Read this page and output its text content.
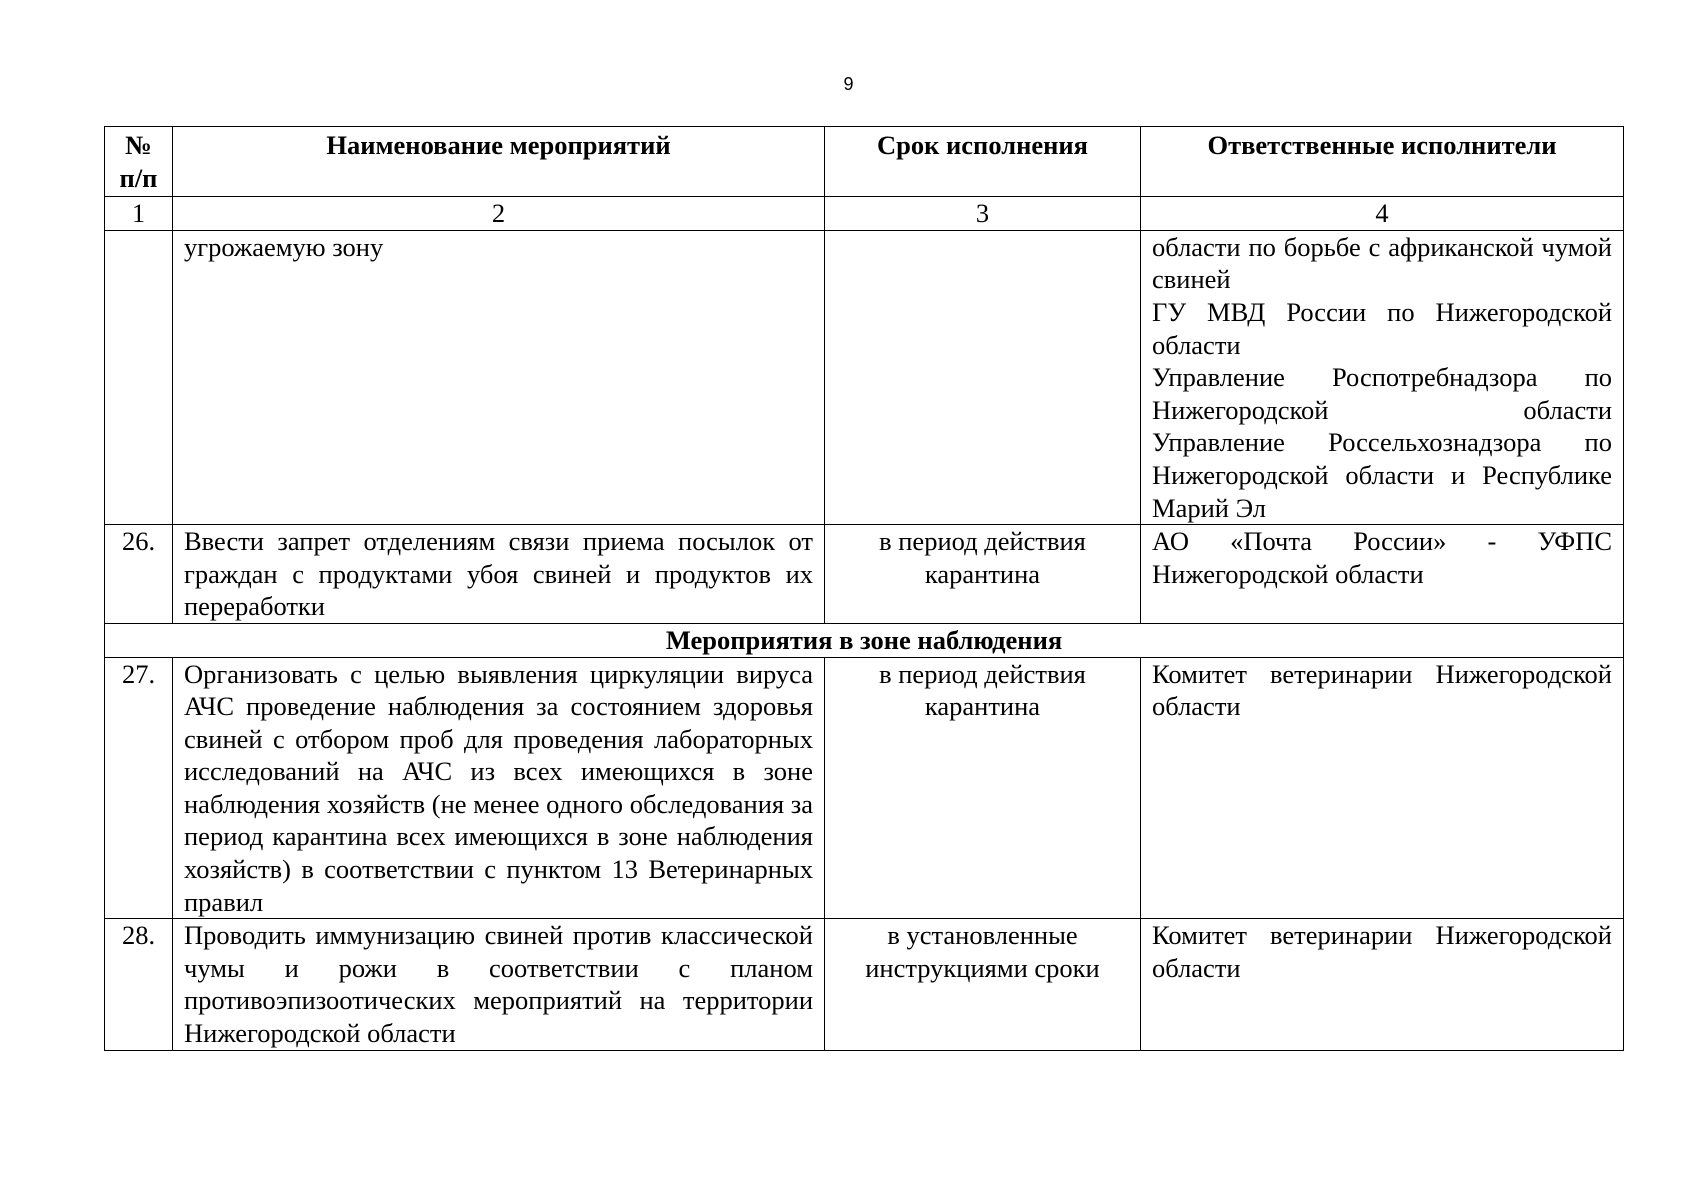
9
№ п/п	Наименование мероприятий	Срок исполнения	Ответственные исполнители
1	2	3	4
	угрожаемую зону		области по борьбе с африканской чумой свиней
ГУ МВД России по Нижегородской области
Управление Роспотребнадзора по Нижегородской области
Управление Россельхознадзора по Нижегородской области и Республике Марий Эл

26.	Ввести запрет отделениям связи приема посылок от граждан с продуктами убоя свиней и продуктов их переработки	в период действия карантина	АО «Почта России» - УФПС Нижегородской области

Мероприятия в зоне наблюдения			
27.	Организовать с целью выявления циркуляции вируса АЧС проведение наблюдения за состоянием здоровья свиней с отбором проб для проведения лабораторных исследований на АЧС из всех имеющихся в зоне наблюдения хозяйств (не менее одного обследования за период карантина всех имеющихся в зоне наблюдения хозяйств) в соответствии с пунктом 13 Ветеринарных правил	в период действия карантина	Комитет ветеринарии Нижегородской области

28.	Проводить иммунизацию свиней против классической чумы и рожи в соответствии с планом противоэпизоотических мероприятий на территории Нижегородской области	в установленные инструкциями сроки	Комитет ветеринарии Нижегородской области
